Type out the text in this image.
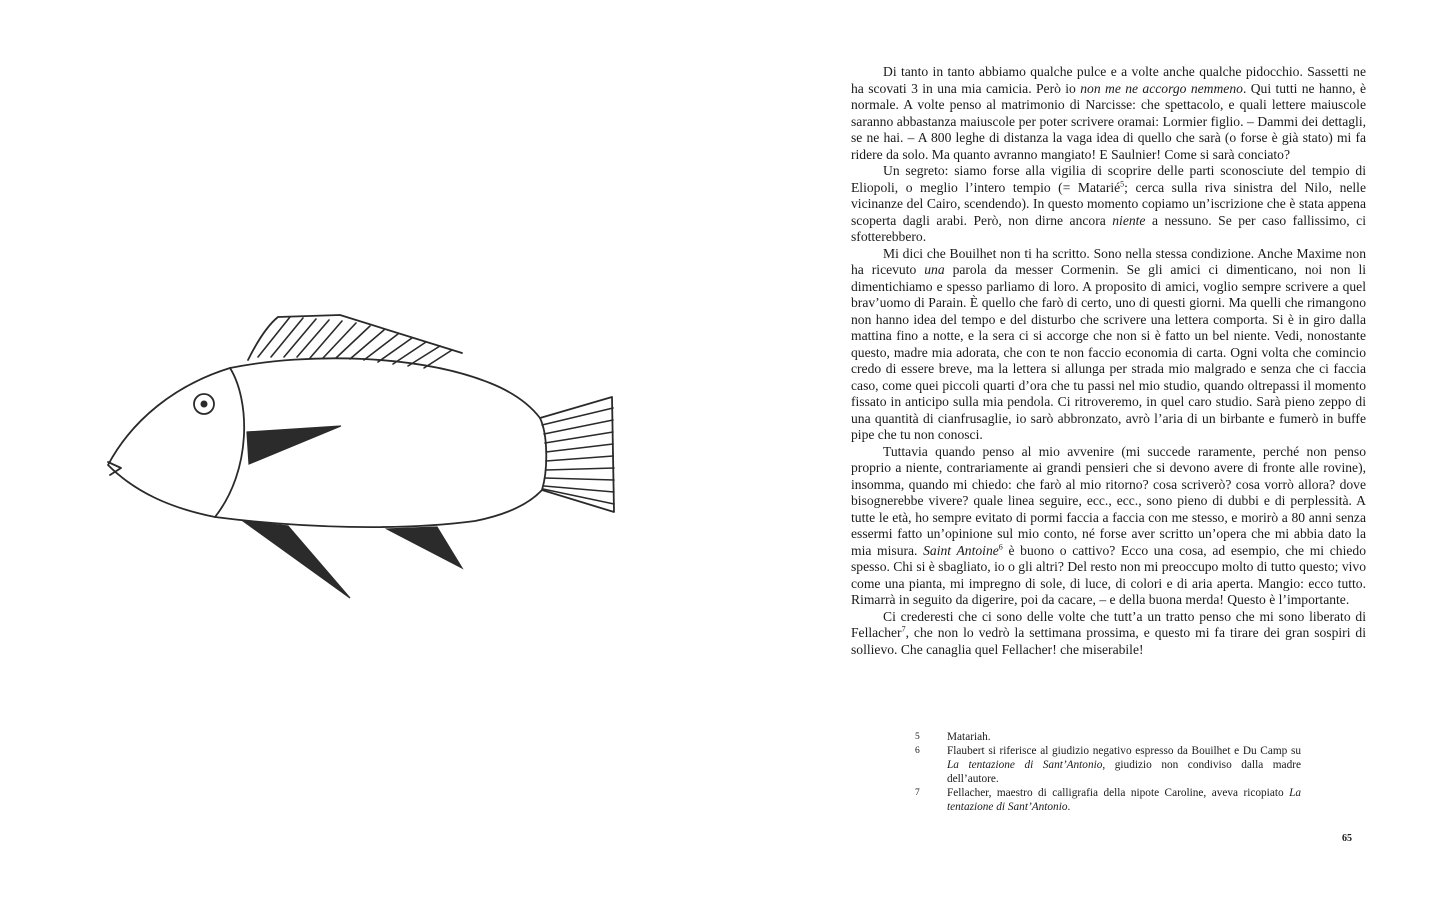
Di tanto in tanto abbiamo qualche pulce e a volte anche qualche pidocchio. Sassetti ne ha scovati 3 in una mia camicia. Però io non me ne accorgo nemmeno. Qui tutti ne hanno, è normale. A volte penso al matrimonio di Narcisse: che spettacolo, e quali lettere maiuscole saranno abbastanza maiuscole per poter scrivere oramai: Lormier figlio. – Dammi dei dettagli, se ne hai. – A 800 leghe di distanza la vaga idea di quello che sarà (o forse è già stato) mi fa ridere da solo. Ma quanto avranno mangiato! E Saulnier! Come si sarà conciato?

Un segreto: siamo forse alla vigilia di scoprire delle parti sconosciute del tempio di Eliopoli, o meglio l’intero tempio (= Matarié$^5$; cerca sulla riva sinistra del Nilo, nelle vicinanze del Cairo, scendendo). In questo momento copiamo un’iscrizione che è stata appena scoperta dagli arabi. Però, non dirne ancora niente a nessuno. Se per caso fallissimo, ci sfotterebbero.

Mi dici che Bouilhet non ti ha scritto. Sono nella stessa condizione. Anche Maxime non ha ricevuto una parola da messer Cormenin. Se gli amici ci dimenticano, noi non li dimentichiamo e spesso parliamo di loro. A proposito di amici, voglio sempre scrivere a quel brav’uomo di Parain. È quello che farò di certo, uno di questi giorni. Ma quelli che rimangono non hanno idea del tempo e del disturbo che scrivere una lettera comporta. Si è in giro dalla mattina fino a notte, e la sera ci si accorge che non si è fatto un bel niente. Vedi, nonostante questo, madre mia adorata, che con te non faccio economia di carta. Ogni volta che comincio credo di essere breve, ma la lettera si allunga per strada mio malgrado e senza che ci faccia caso, come quei piccoli quarti d’ora che tu passi nel mio studio, quando oltrepassi il momento fissato in anticipo sulla mia pendola. Ci ritroveremo, in quel caro studio. Sarà pieno zeppo di una quantità di cianfrusaglie, io sarò abbronzato, avrò l’aria di un birbante e fumerò in buffe pipe che tu non conosci.

Tuttavia quando penso al mio avvenire (mi succede raramente, perché non penso proprio a niente, contrariamente ai grandi pensieri che si devono avere di fronte alle rovine), insomma, quando mi chiedo: che farò al mio ritorno? cosa scriverò? cosa vorrò allora? dove bisognerebbe vivere? quale linea seguire, ecc., ecc., sono pieno di dubbi e di perplessità. A tutte le età, ho sempre evitato di pormi faccia a faccia con me stesso, e morirò a 80 anni senza essermi fatto un’opinione sul mio conto, né forse aver scritto un’opera che mi abbia dato la mia misura. Saint Antoine$^6$ è buono o cattivo? Ecco una cosa, ad esempio, che mi chiedo spesso. Chi si è sbagliato, io o gli altri? Del resto non mi preoccupo molto di tutto questo; vivo come una pianta, mi impregno di sole, di luce, di colori e di aria aperta. Mangio: ecco tutto. Rimarrà in seguito da digerire, poi da cacare, – e della buona merda! Questo è l’importante.

Ci crederesti che ci sono delle volte che tutt’a un tratto penso che mi sono liberato di Fellacher$^7$, che non lo vedrò la settimana prossima, e questo mi fa tirare dei gran sospiri di sollievo. Che canaglia quel Fellacher! che miserabile!

5 Matariah.
6 Flaubert si riferisce al giudizio negativo espresso da Bouilhet e Du Camp su La tentazione di Sant’Antonio, giudizio non condiviso dalla madre dell’autore.
7 Fellacher, maestro di calligrafia della nipote Caroline, aveva ricopiato La tentazione di Sant’Antonio.
65
